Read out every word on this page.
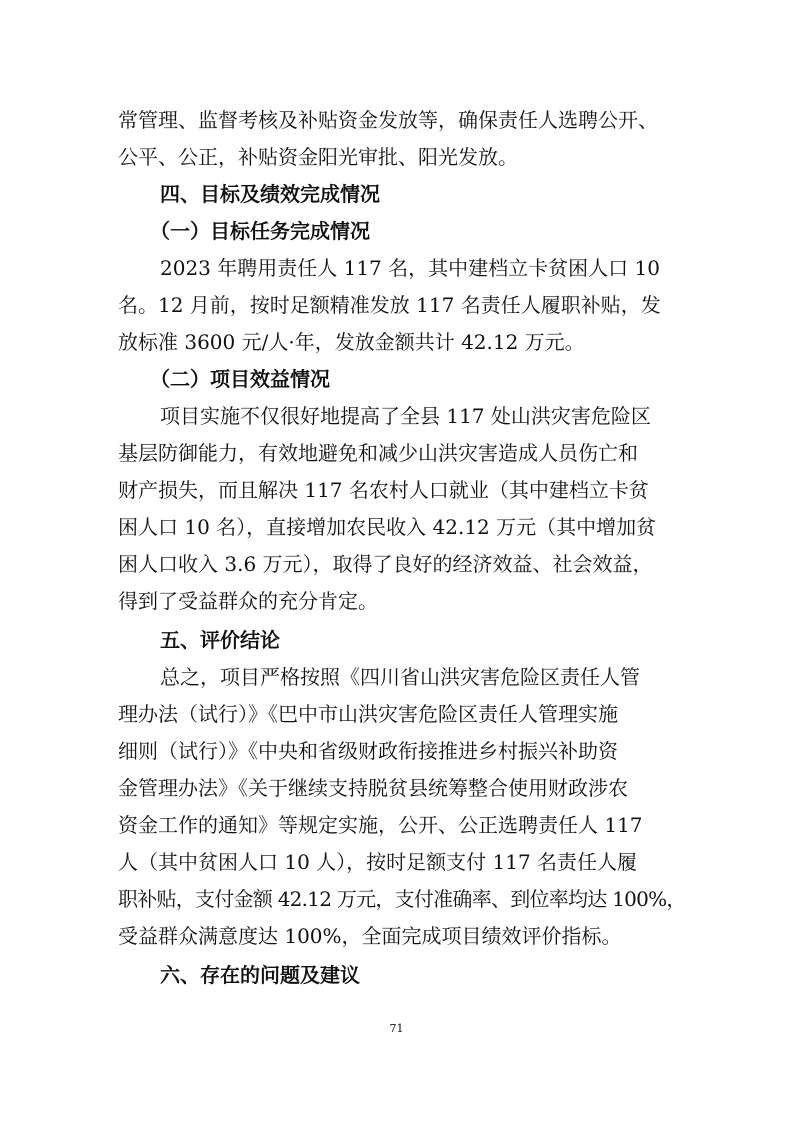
常管理、监督考核及补贴资金发放等，确保责任人选聘公开、
公平、公正，补贴资金阳光审批、阳光发放。
四、目标及绩效完成情况
（一）目标任务完成情况
2023 年聘用责任人 117 名，其中建档立卡贫困人口 10
名。12 月前，按时足额精准发放 117 名责任人履职补贴，发
放标准 3600 元/人·年，发放金额共计 42.12 万元。
（二）项目效益情况
项目实施不仅很好地提高了全县 117 处山洪灾害危险区
基层防御能力，有效地避免和减少山洪灾害造成人员伤亡和
财产损失，而且解决 117 名农村人口就业（其中建档立卡贫
困人口 10 名），直接增加农民收入 42.12 万元（其中增加贫
困人口收入 3.6 万元），取得了良好的经济效益、社会效益，
得到了受益群众的充分肯定。
五、评价结论
总之，项目严格按照《四川省山洪灾害危险区责任人管
理办法（试行）》《巴中市山洪灾害危险区责任人管理实施
细则（试行）》《中央和省级财政衔接推进乡村振兴补助资
金管理办法》《关于继续支持脱贫县统筹整合使用财政涉农
资金工作的通知》等规定实施，公开、公正选聘责任人 117
人（其中贫困人口 10 人），按时足额支付 117 名责任人履
职补贴，支付金额 42.12 万元，支付准确率、到位率均达 100%，
受益群众满意度达 100%，全面完成项目绩效评价指标。
六、存在的问题及建议
71
